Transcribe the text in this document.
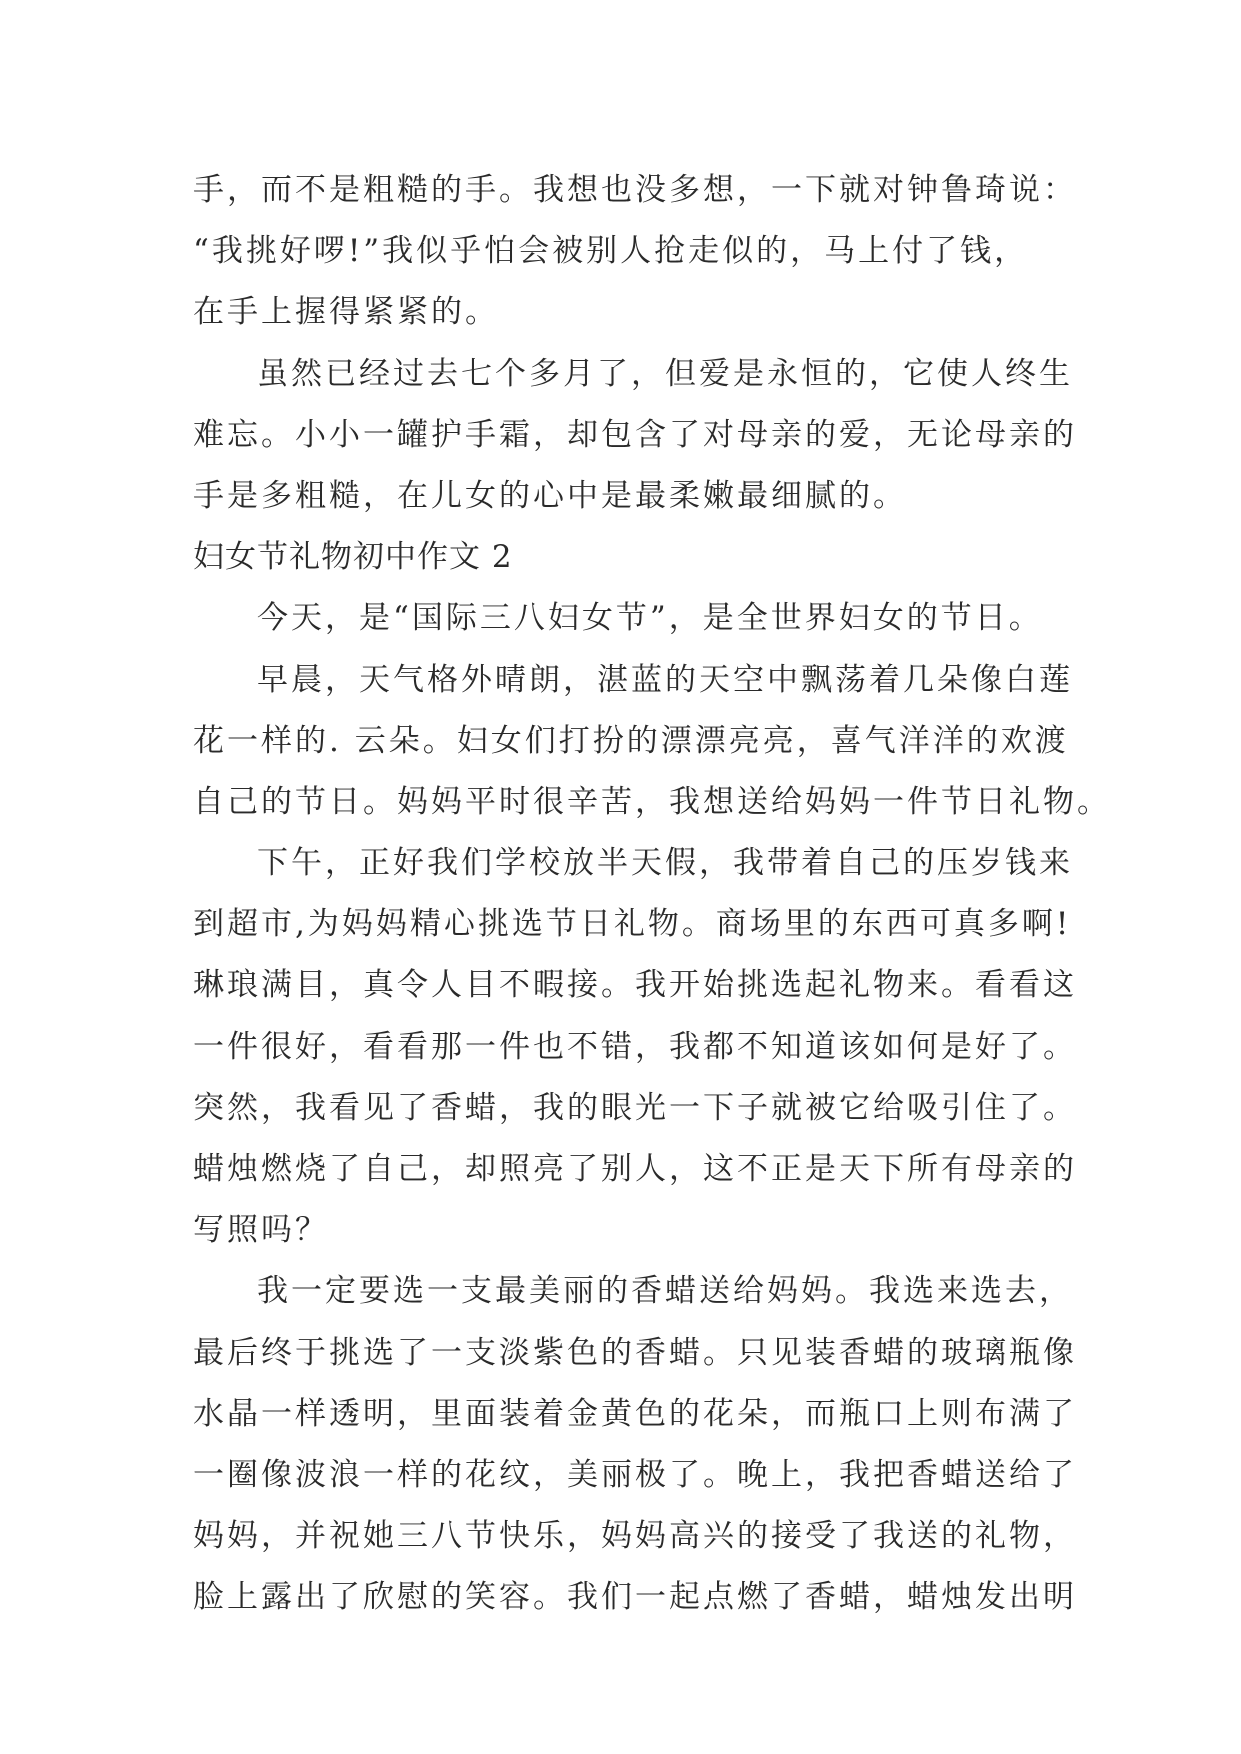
手，而不是粗糙的手。我想也没多想，一下就对钟鲁琦说：

“我挑好啰!”我似乎怕会被别人抢走似的，马上付了钱，

在手上握得紧紧的。

虽然已经过去七个多月了，但爱是永恒的，它使人终生

难忘。小小一罐护手霜，却包含了对母亲的爱，无论母亲的

手是多粗糙，在儿女的心中是最柔嫩最细腻的。

妇女节礼物初中作文 2

今天，是“国际三八妇女节”，是全世界妇女的节日。

早晨，天气格外晴朗，湛蓝的天空中飘荡着几朵像白莲

花一样的. 云朵。妇女们打扮的漂漂亮亮，喜气洋洋的欢渡

自己的节日。妈妈平时很辛苦，我想送给妈妈一件节日礼物。

下午，正好我们学校放半天假，我带着自己的压岁钱来

到超市,为妈妈精心挑选节日礼物。商场里的东西可真多啊!

琳琅满目，真令人目不暇接。我开始挑选起礼物来。看看这

一件很好，看看那一件也不错，我都不知道该如何是好了。

突然，我看见了香蜡，我的眼光一下子就被它给吸引住了。

蜡烛燃烧了自己，却照亮了别人，这不正是天下所有母亲的

写照吗？

我一定要选一支最美丽的香蜡送给妈妈。我选来选去，

最后终于挑选了一支淡紫色的香蜡。只见装香蜡的玻璃瓶像

水晶一样透明，里面装着金黄色的花朵，而瓶口上则布满了

一圈像波浪一样的花纹，美丽极了。晚上，我把香蜡送给了

妈妈，并祝她三八节快乐，妈妈高兴的接受了我送的礼物，

脸上露出了欣慰的笑容。我们一起点燃了香蜡，蜡烛发出明
